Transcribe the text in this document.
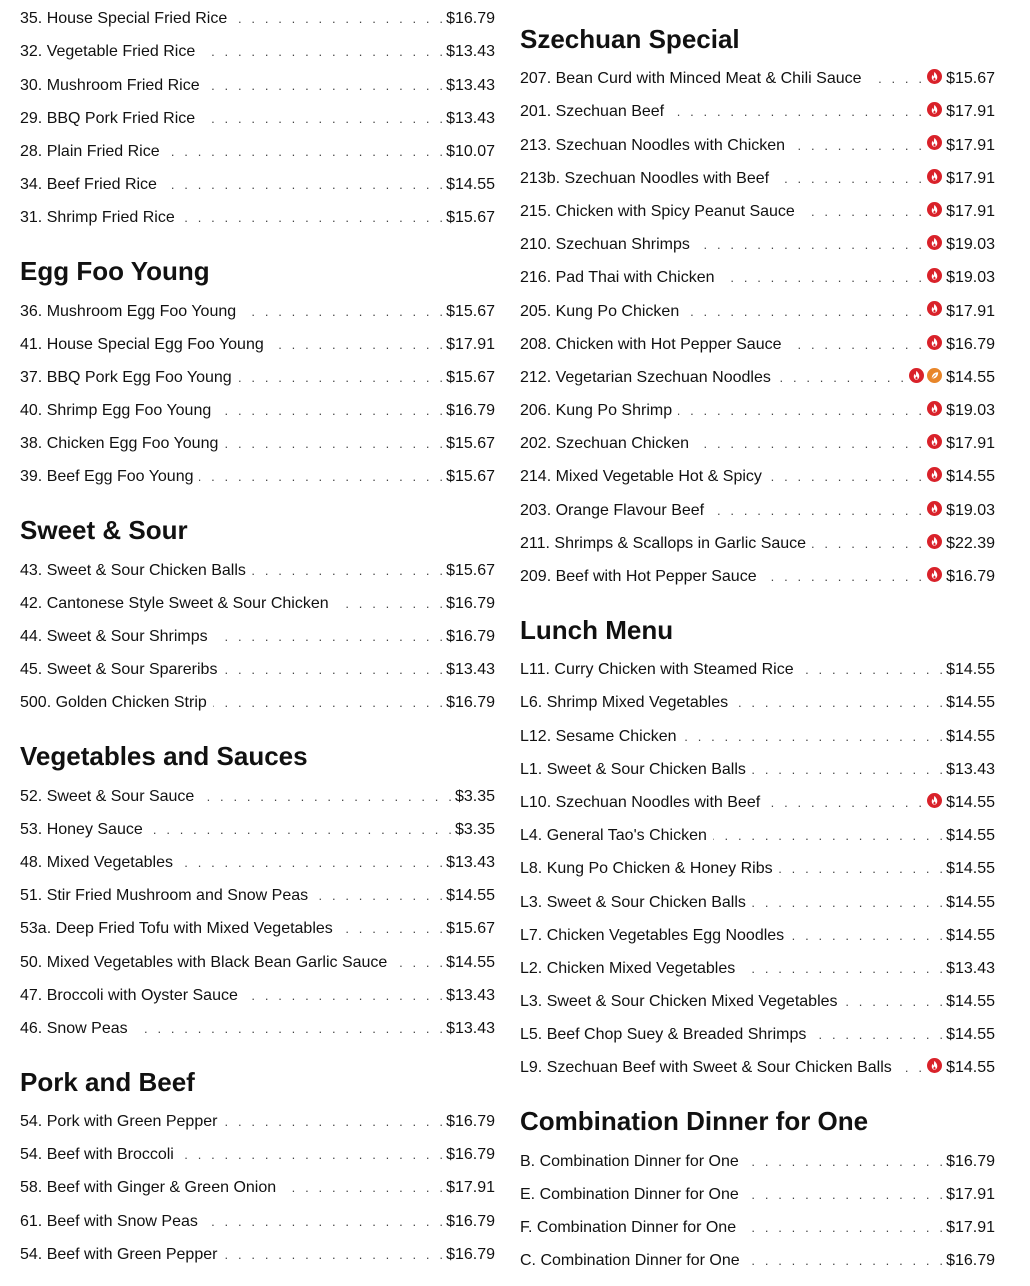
35. House Special Fried Rice . . .	$16.79
32. Vegetable Fried Rice . . .	$13.43
30. Mushroom Fried Rice . . .	$13.43
29. BBQ Pork Fried Rice . . .	$13.43
28. Plain Fried Rice . . .	$10.07
34. Beef Fried Rice . . .	$14.55
31. Shrimp Fried Rice . . .	$15.67
Egg Foo Young
36. Mushroom Egg Foo Young . . .	$15.67
41. House Special Egg Foo Young . . .	$17.91
37. BBQ Pork Egg Foo Young . . .	$15.67
40. Shrimp Egg Foo Young . . .	$16.79
38. Chicken Egg Foo Young . . .	$15.67
39. Beef Egg Foo Young . . .	$15.67
Sweet & Sour
43. Sweet & Sour Chicken Balls . . .	$15.67
42. Cantonese Style Sweet & Sour Chicken . . .	$16.79
44. Sweet & Sour Shrimps . . .	$16.79
45. Sweet & Sour Spareribs . . .	$13.43
500. Golden Chicken Strip . . .	$16.79
Vegetables and Sauces
52. Sweet & Sour Sauce . . .	$3.35
53. Honey Sauce . . .	$3.35
48. Mixed Vegetables . . .	$13.43
51. Stir Fried Mushroom and Snow Peas . . .	$14.55
53a. Deep Fried Tofu with Mixed Vegetables . . .	$15.67
50. Mixed Vegetables with Black Bean Garlic Sauce . . .	$14.55
47. Broccoli with Oyster Sauce . . .	$13.43
46. Snow Peas . . .	$13.43
Pork and Beef
54. Pork with Green Pepper . . .	$16.79
54. Beef with Broccoli . . .	$16.79
58. Beef with Ginger & Green Onion . . .	$17.91
61. Beef with Snow Peas . . .	$16.79
54. Beef with Green Pepper . . .	$16.79
Szechuan Special
207. Bean Curd with Minced Meat & Chili Sauce . . .	$15.67
201. Szechuan Beef . . .	$17.91
213. Szechuan Noodles with Chicken . . .	$17.91
213b. Szechuan Noodles with Beef . . .	$17.91
215. Chicken with Spicy Peanut Sauce . . .	$17.91
210. Szechuan Shrimps . . .	$19.03
216. Pad Thai with Chicken . . .	$19.03
205. Kung Po Chicken . . .	$17.91
208. Chicken with Hot Pepper Sauce . . .	$16.79
212. Vegetarian Szechuan Noodles . . .	$14.55
206. Kung Po Shrimp . . .	$19.03
202. Szechuan Chicken . . .	$17.91
214. Mixed Vegetable Hot & Spicy . . .	$14.55
203. Orange Flavour Beef . . .	$19.03
211. Shrimps & Scallops in Garlic Sauce . . .	$22.39
209. Beef with Hot Pepper Sauce . . .	$16.79
Lunch Menu
L11. Curry Chicken with Steamed Rice . . .	$14.55
L6. Shrimp Mixed Vegetables . . .	$14.55
L12. Sesame Chicken . . .	$14.55
L1. Sweet & Sour Chicken Balls . . .	$13.43
L10. Szechuan Noodles with Beef . . .	$14.55
L4. General Tao's Chicken . . .	$14.55
L8. Kung Po Chicken & Honey Ribs . . .	$14.55
L3. Sweet & Sour Chicken Balls . . .	$14.55
L7. Chicken Vegetables Egg Noodles . . .	$14.55
L2. Chicken Mixed Vegetables . . .	$13.43
L3. Sweet & Sour Chicken Mixed Vegetables . . .	$14.55
L5. Beef Chop Suey & Breaded Shrimps . . .	$14.55
L9. Szechuan Beef with Sweet & Sour Chicken Balls . . .	$14.55
Combination Dinner for One
B. Combination Dinner for One . . .	$16.79
E. Combination Dinner for One . . .	$17.91
F. Combination Dinner for One . . .	$17.91
C. Combination Dinner for One . . .	$16.79
